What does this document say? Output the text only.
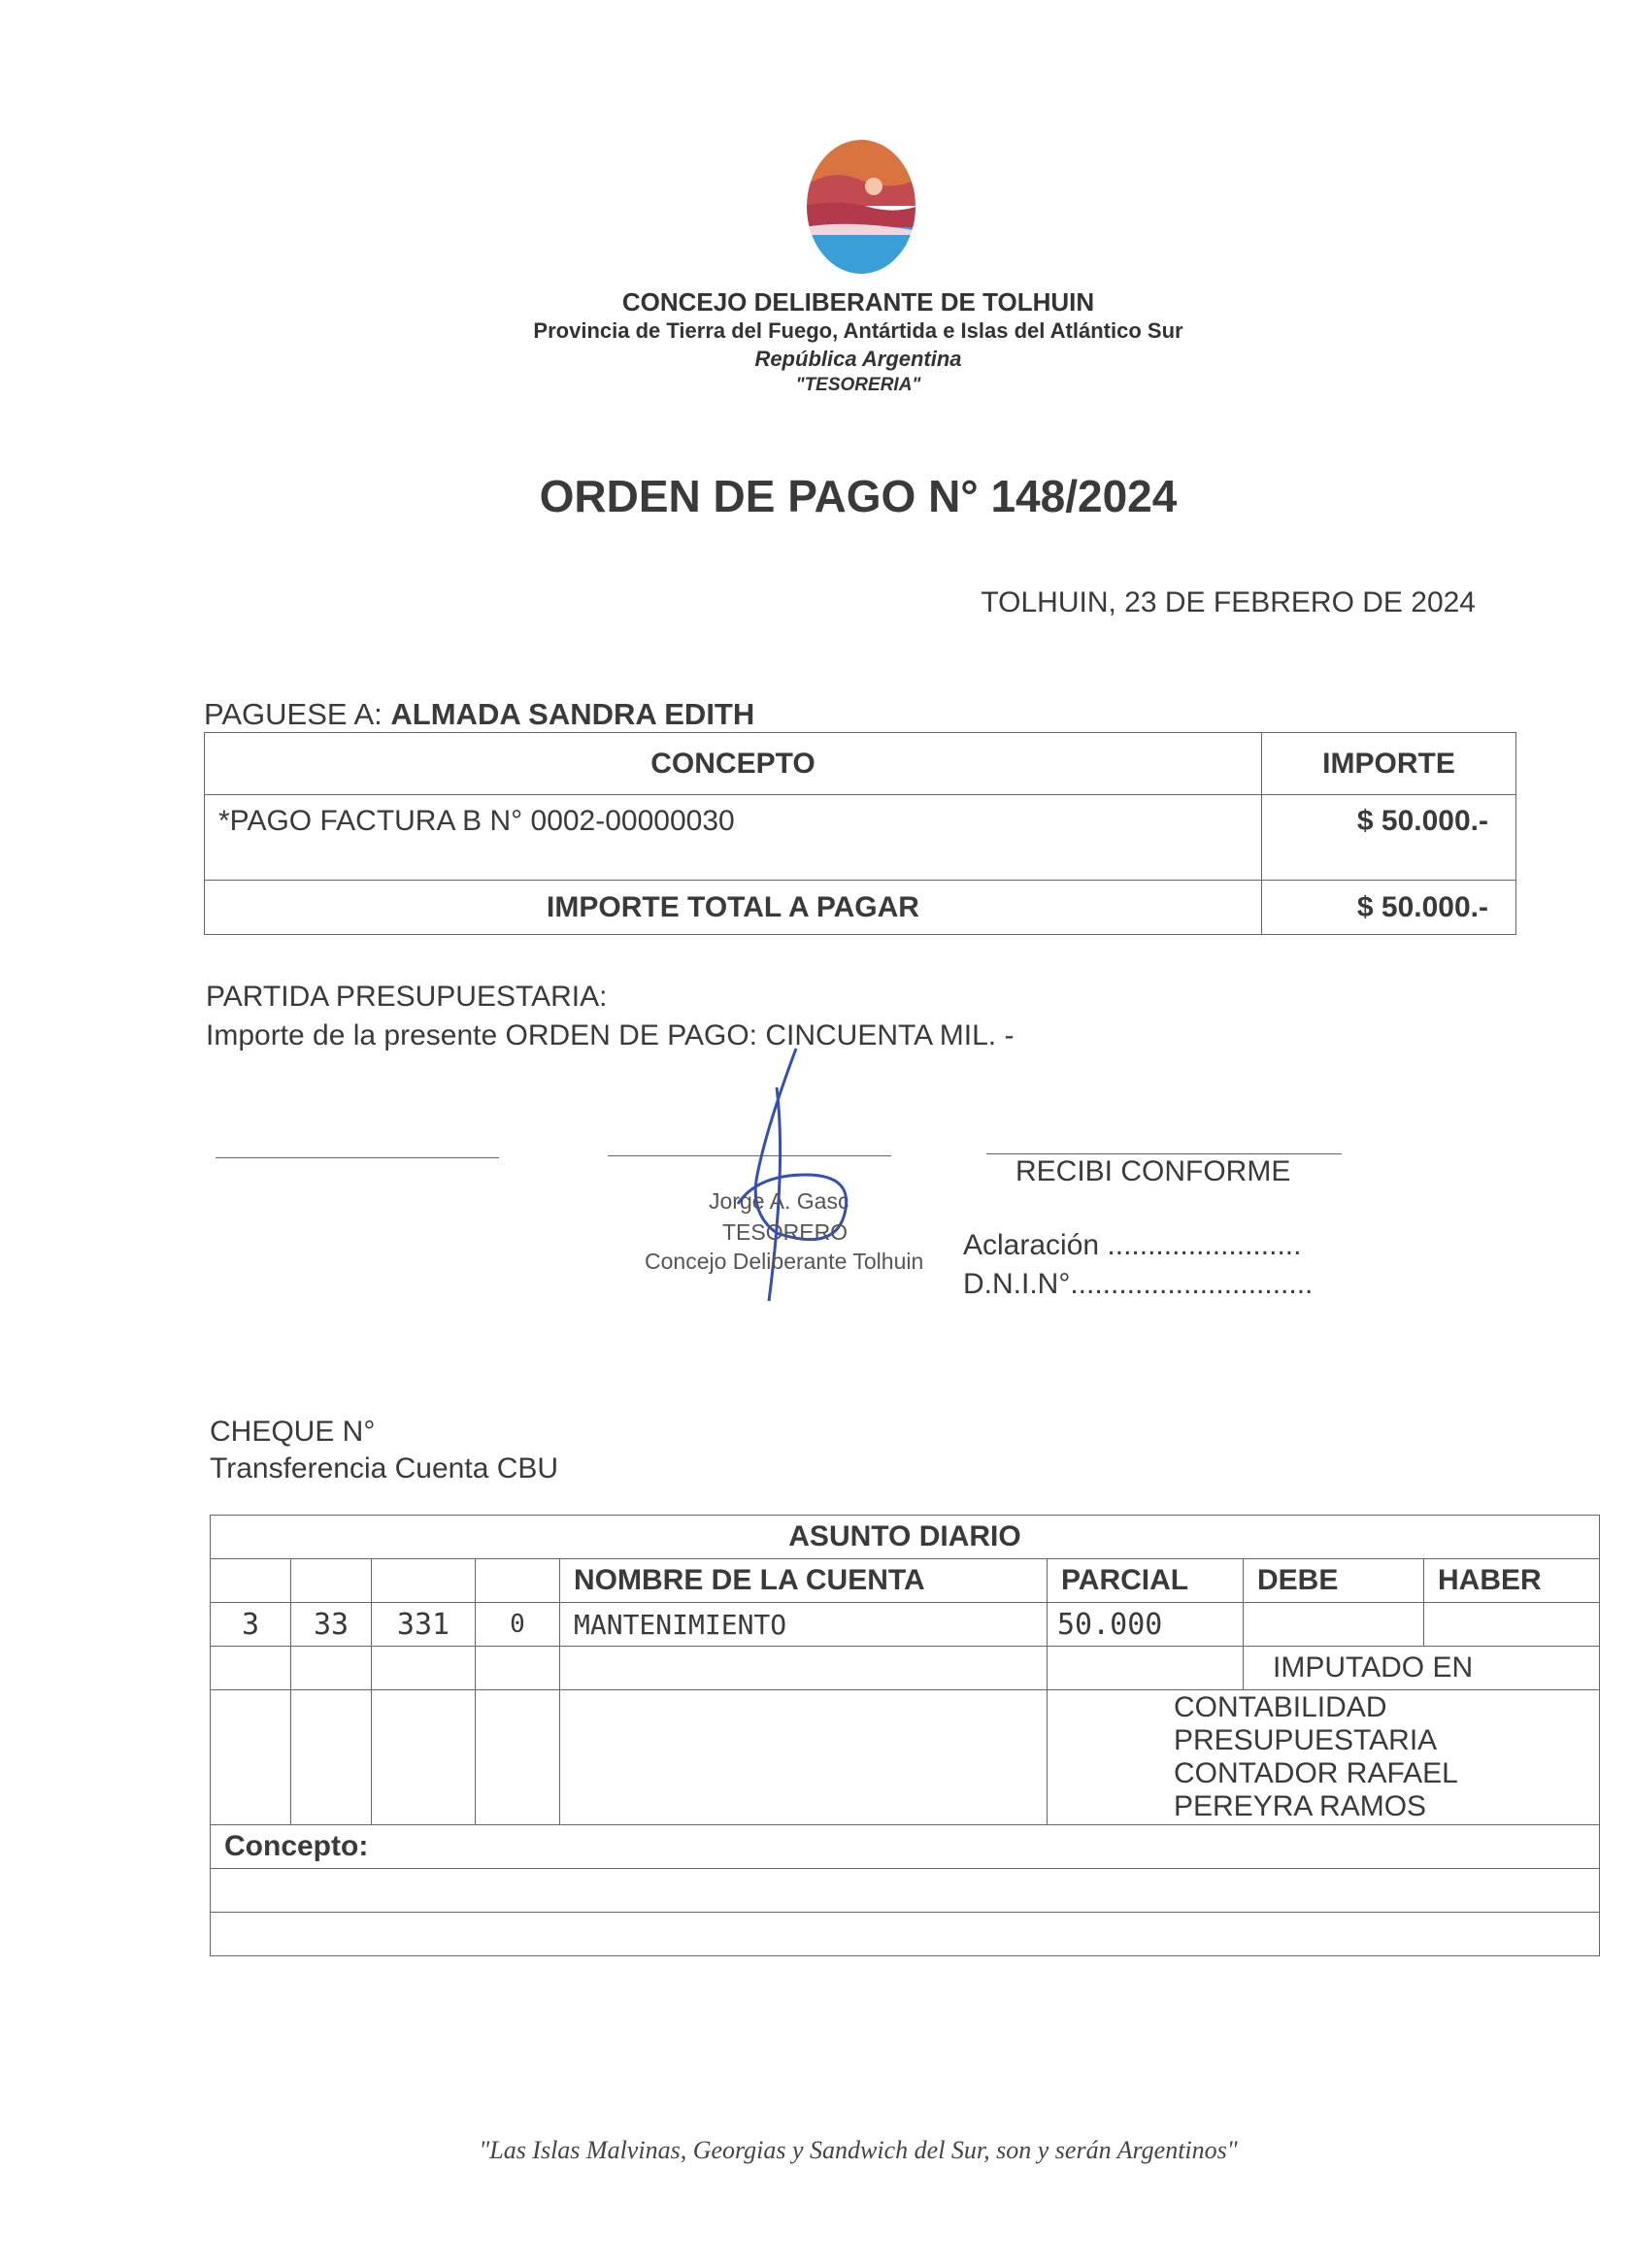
CONCEJO DELIBERANTE DE TOLHUIN
Provincia de Tierra del Fuego, Antártida e Islas del Atlántico Sur
República Argentina
"TESORERIA"
ORDEN DE PAGO N° 148/2024
TOLHUIN, 23 DE FEBRERO DE 2024
PAGUESE A: ALMADA SANDRA EDITH
CONCEPTO	IMPORTE
*PAGO FACTURA B N° 0002-00000030	$ 50.000.-
IMPORTE TOTAL A PAGAR	$ 50.000.-
PARTIDA PRESUPUESTARIA:
Importe de la presente ORDEN DE PAGO: CINCUENTA MIL. -
Jorge A. Gasc
TESORERO
Concejo Deliberante Tolhuin
RECIBI CONFORME
Aclaración ........................
D.N.I.N°..............................
CHEQUE N°
Transferencia Cuenta CBU
ASUNTO DIARIO							
				NOMBRE DE LA CUENTA	PARCIAL	DEBE	HABER
3	33	331	0	MANTENIMIENTO	50.000		
						IMPUTADO EN	
					CONTABILIDAD PRESUPUESTARIA
CONTADOR RAFAEL PEREYRA RAMOS		
Concepto:							

"Las Islas Malvinas, Georgias y Sandwich del Sur, son y serán Argentinos"
